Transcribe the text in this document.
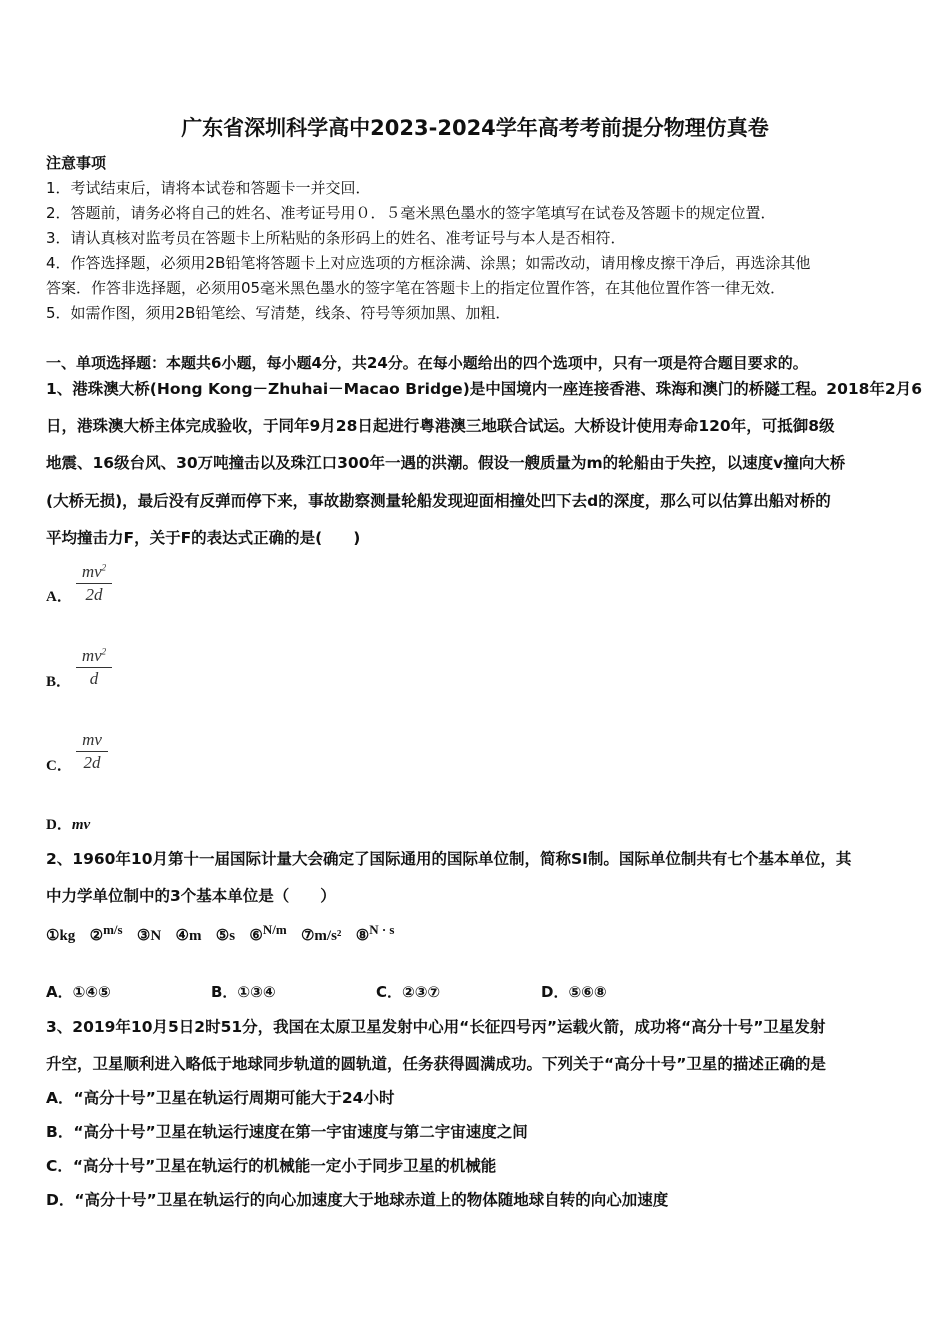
广东省深圳科学高中2023-2024学年高考考前提分物理仿真卷
注意事项
1．考试结束后，请将本试卷和答题卡一并交回．
2．答题前，请务必将自己的姓名、准考证号用０．５毫米黑色墨水的签字笔填写在试卷及答题卡的规定位置．
3．请认真核对监考员在答题卡上所粘贴的条形码上的姓名、准考证号与本人是否相符．
4．作答选择题，必须用2B铅笔将答题卡上对应选项的方框涂满、涂黑；如需改动，请用橡皮擦干净后，再选涂其他
答案．作答非选择题，必须用05毫米黑色墨水的签字笔在答题卡上的指定位置作答，在其他位置作答一律无效．
5．如需作图，须用2B铅笔绘、写清楚，线条、符号等须加黑、加粗．
一、单项选择题：本题共6小题，每小题4分，共24分。在每小题给出的四个选项中，只有一项是符合题目要求的。
1、港珠澳大桥(Hong Kong－Zhuhai－Macao Bridge)是中国境内一座连接香港、珠海和澳门的桥隧工程。2018年2月6
日，港珠澳大桥主体完成验收，于同年9月28日起进行粤港澳三地联合试运。大桥设计使用寿命120年，可抵御8级
地震、16级台风、30万吨撞击以及珠江口300年一遇的洪潮。假设一艘质量为m的轮船由于失控，以速度v撞向大桥
(大桥无损)，最后没有反弹而停下来，事故勘察测量轮船发现迎面相撞处凹下去d的深度，那么可以估算出船对桥的
平均撞击力F，关于F的表达式正确的是(　　)
A．
$mv^2$
2d
B．
$mv^2$
d
C．
mv
2d
D．mv
2、1960年10月第十一届国际计量大会确定了国际通用的国际单位制，简称SI制。国际单位制共有七个基本单位，其
中力学单位制中的3个基本单位是（　　）
①kg ②m/s ③N ④m ⑤s ⑥N/m ⑦m/s² ⑧N · s
A．①④⑤	B．①③④	C．②③⑦	D．⑤⑥⑧
3、2019年10月5日2时51分，我国在太原卫星发射中心用“长征四号丙”运载火箭，成功将“高分十号”卫星发射
升空，卫星顺利进入略低于地球同步轨道的圆轨道，任务获得圆满成功。下列关于“高分十号”卫星的描述正确的是
A．“高分十号”卫星在轨运行周期可能大于24小时
B．“高分十号”卫星在轨运行速度在第一宇宙速度与第二宇宙速度之间
C．“高分十号”卫星在轨运行的机械能一定小于同步卫星的机械能
D．“高分十号”卫星在轨运行的向心加速度大于地球赤道上的物体随地球自转的向心加速度
